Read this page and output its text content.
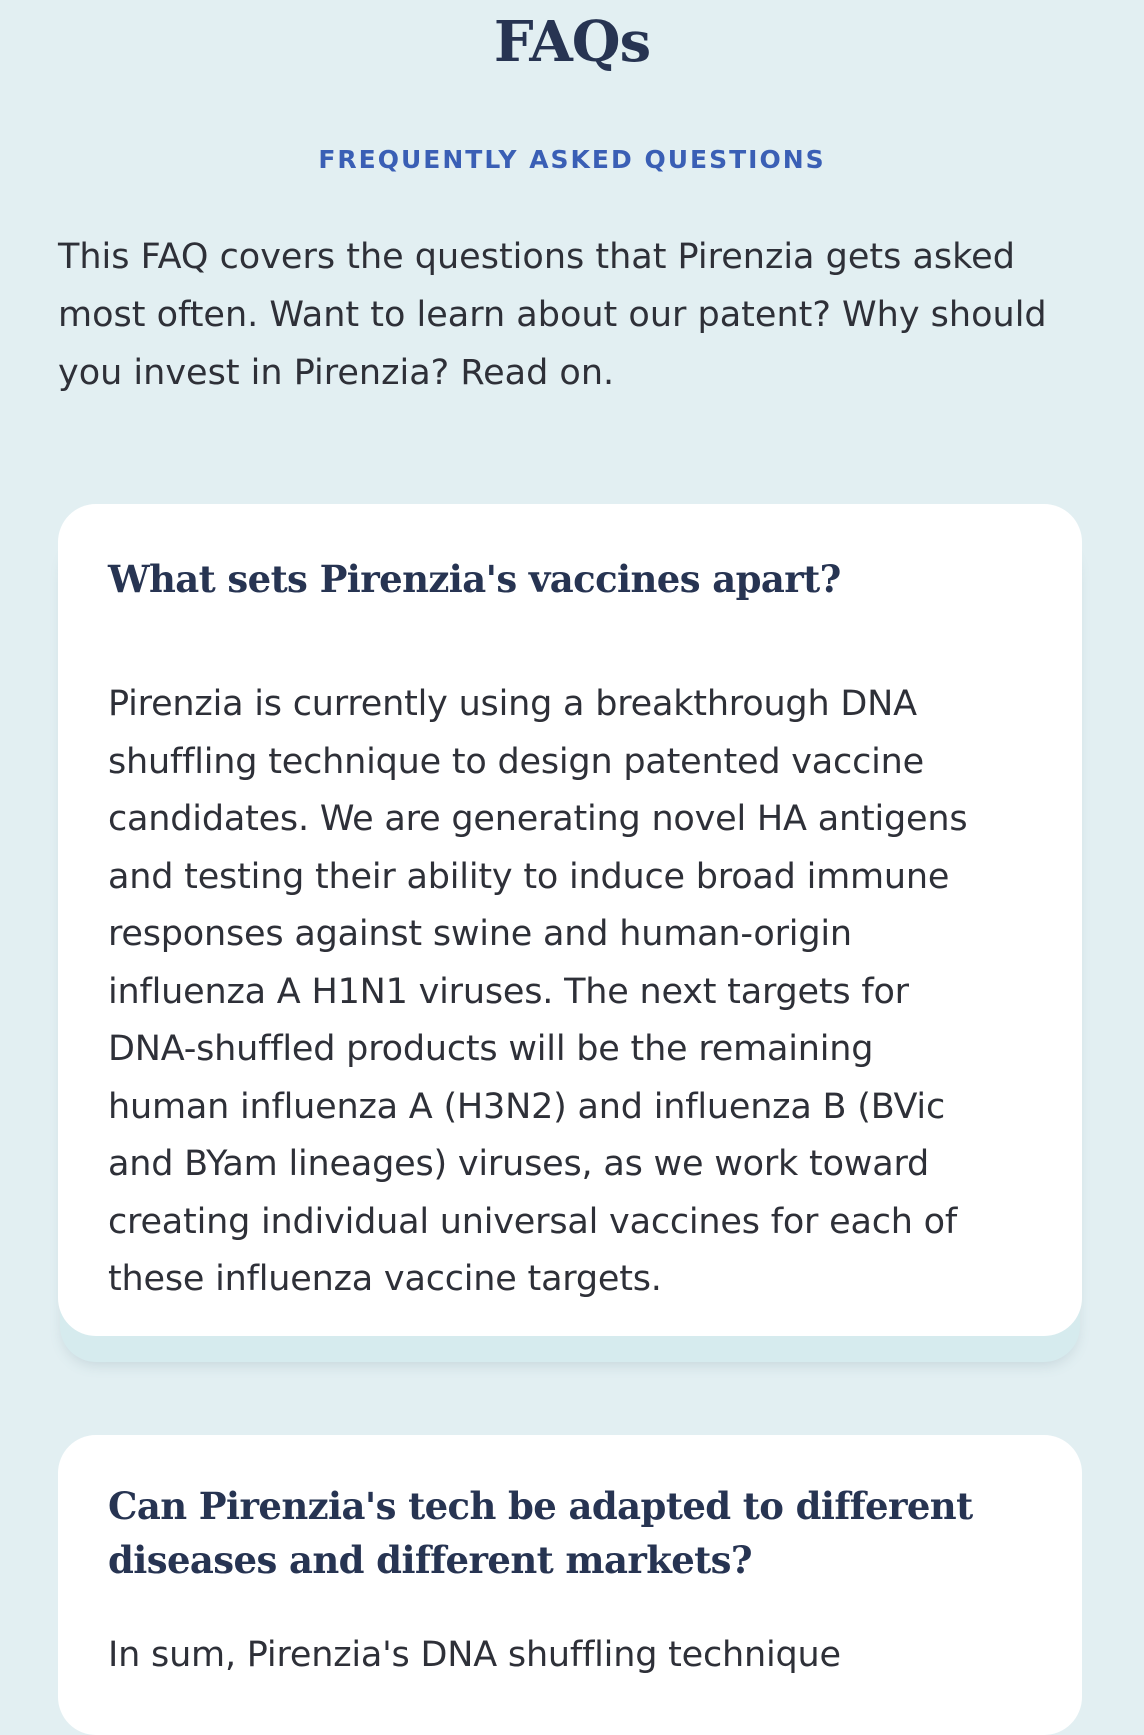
FAQs
FREQUENTLY ASKED QUESTIONS

This FAQ covers the questions that Pirenzia gets asked most often. Want to learn about our patent? Why should you invest in Pirenzia? Read on.

What sets Pirenzia's vaccines apart?

Pirenzia is currently using a breakthrough DNA
shuffling technique to design patented vaccine
candidates. We are generating novel HA antigens
and testing their ability to induce broad immune
responses against swine and human-origin
influenza A H1N1 viruses. The next targets for
DNA-shuffled products will be the remaining
human influenza A (H3N2) and influenza B (BVic
and BYam lineages) viruses, as we work toward
creating individual universal vaccines for each of
these influenza vaccine targets.

Can Pirenzia's tech be adapted to different diseases and different markets?

In sum, Pirenzia's DNA shuffling technique
